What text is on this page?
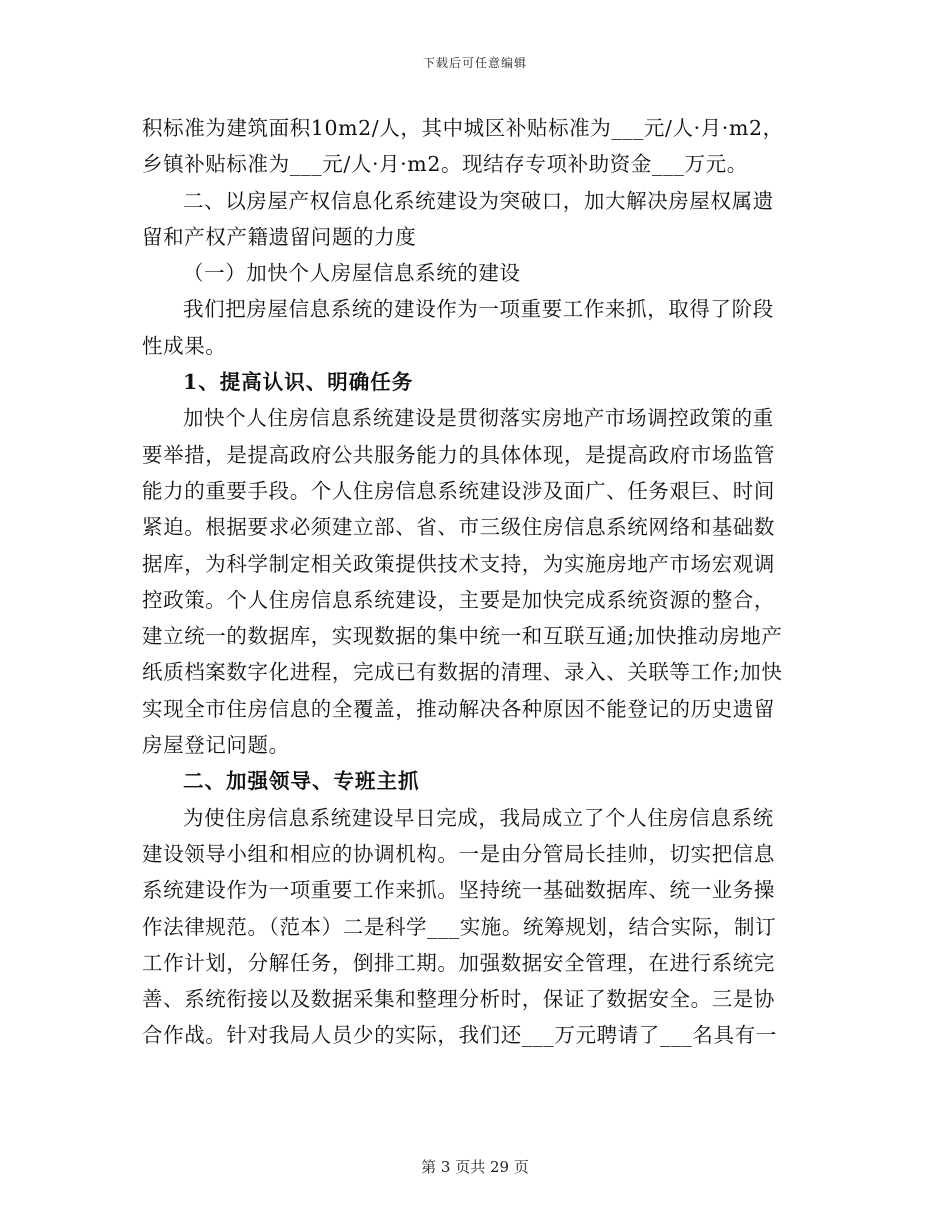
下载后可任意编辑
积标准为建筑面积10m2/人，其中城区补贴标准为___元/人·月·m2，
乡镇补贴标准为___元/人·月·m2。现结存专项补助资金___万元。
二、以房屋产权信息化系统建设为突破口，加大解决房屋权属遗
留和产权产籍遗留问题的力度
（一）加快个人房屋信息系统的建设
我们把房屋信息系统的建设作为一项重要工作来抓，取得了阶段
性成果。
1、提高认识、明确任务
加快个人住房信息系统建设是贯彻落实房地产市场调控政策的重
要举措，是提高政府公共服务能力的具体体现，是提高政府市场监管
能力的重要手段。个人住房信息系统建设涉及面广、任务艰巨、时间
紧迫。根据要求必须建立部、省、市三级住房信息系统网络和基础数
据库，为科学制定相关政策提供技术支持，为实施房地产市场宏观调
控政策。个人住房信息系统建设，主要是加快完成系统资源的整合，
建立统一的数据库，实现数据的集中统一和互联互通;加快推动房地产
纸质档案数字化进程，完成已有数据的清理、录入、关联等工作;加快
实现全市住房信息的全覆盖，推动解决各种原因不能登记的历史遗留
房屋登记问题。
二、加强领导、专班主抓
为使住房信息系统建设早日完成，我局成立了个人住房信息系统
建设领导小组和相应的协调机构。一是由分管局长挂帅，切实把信息
系统建设作为一项重要工作来抓。坚持统一基础数据库、统一业务操
作法律规范。（范本）二是科学___实施。统筹规划，结合实际，制订
工作计划，分解任务，倒排工期。加强数据安全管理，在进行系统完
善、系统衔接以及数据采集和整理分析时，保证了数据安全。三是协
合作战。针对我局人员少的实际，我们还___万元聘请了___名具有一
第 3 页共 29 页
